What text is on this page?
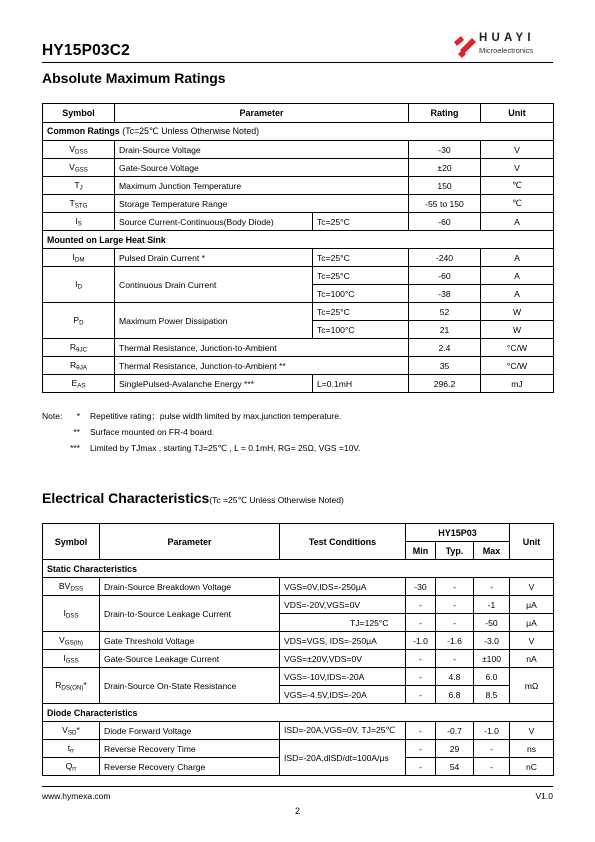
HY15P03C2
HUAYI
Microelectronics
Absolute Maximum Ratings
Symbol	Parameter		Rating	Unit
Common Ratings (Tc=25℃ Unless Otherwise Noted)				
$V_{DSS}$	Drain-Source Voltage		-30	V
$V_{GSS}$	Gate-Source Voltage		±20	V
$T_J$	Maximum Junction Temperature		150	℃
$T_{STG}$	Storage Temperature Range		-55 to 150	℃
$I_S$	Source Current-Continuous(Body Diode)	Tc=25°C	-60	A
Mounted on Large Heat Sink				
$I_{DM}$	Pulsed Drain Current *	Tc=25°C	-240	A
$I_D$	Continuous Drain Current	Tc=25°C	-60	A
		Tc=100°C	-38	A
$P_D$	Maximum Power Dissipation	Tc=25°C	52	W
		Tc=100°C	21	W
$R_{\theta JC}$	Thermal Resistance, Junction-to-Ambient		2.4	°C/W
$R_{\theta JA}$	Thermal Resistance, Junction-to-Ambient **		35	°C/W
$E_{AS}$	SinglePulsed-Avalanche Energy ***	L=0.1mH	296.2	mJ
Note:	* Repetitive rating；pulse width limited by max.junction temperature.
** Surface mounted on FR-4 board.
*** Limited by TJmax , starting TJ=25℃ , L = 0.1mH, RG= 25Ω, VGS =10V.
Electrical Characteristics(Tc =25℃ Unless Otherwise Noted)
Symbol	Parameter	Test Conditions	HY15P03			Unit
			Min	Typ.	Max	
Static Characteristics						
$BV_{DSS}$	Drain-Source Breakdown Voltage	VGS=0V,IDS=-250μA	-30	-	-	V
$I_{DSS}$	Drain-to-Source Leakage Current	VDS=-20V,VGS=0V	-	-	-1	μA
		TJ=125°C	-	-	-50	μA
$V_{GS(th)}$	Gate Threshold Voltage	VDS=VGS, IDS=-250μA	-1.0	-1.6	-3.0	V
$I_{GSS}$	Gate-Source Leakage Current	VGS=±20V,VDS=0V	-	-	±100	nA
$R_{DS(ON)}*$	Drain-Source On-State Resistance	VGS=-10V,IDS=-20A	-	4.8	6.0	mΩ
		VGS=-4.5V,IDS=-20A	-	6.8	8.5	
Diode Characteristics						
$V_{SD}*$	Diode Forward Voltage	ISD=-20A,VGS=0V, TJ=25℃	-	-0.7	-1.0	V
$t_{rr}$	Reverse Recovery Time	ISD=-20A,dlSD/dt=100A/μs	-	29	-	ns
$Q_{rr}$	Reverse Recovery Charge		-	54	-	nC
www.hymexa.com	V1.0
2
